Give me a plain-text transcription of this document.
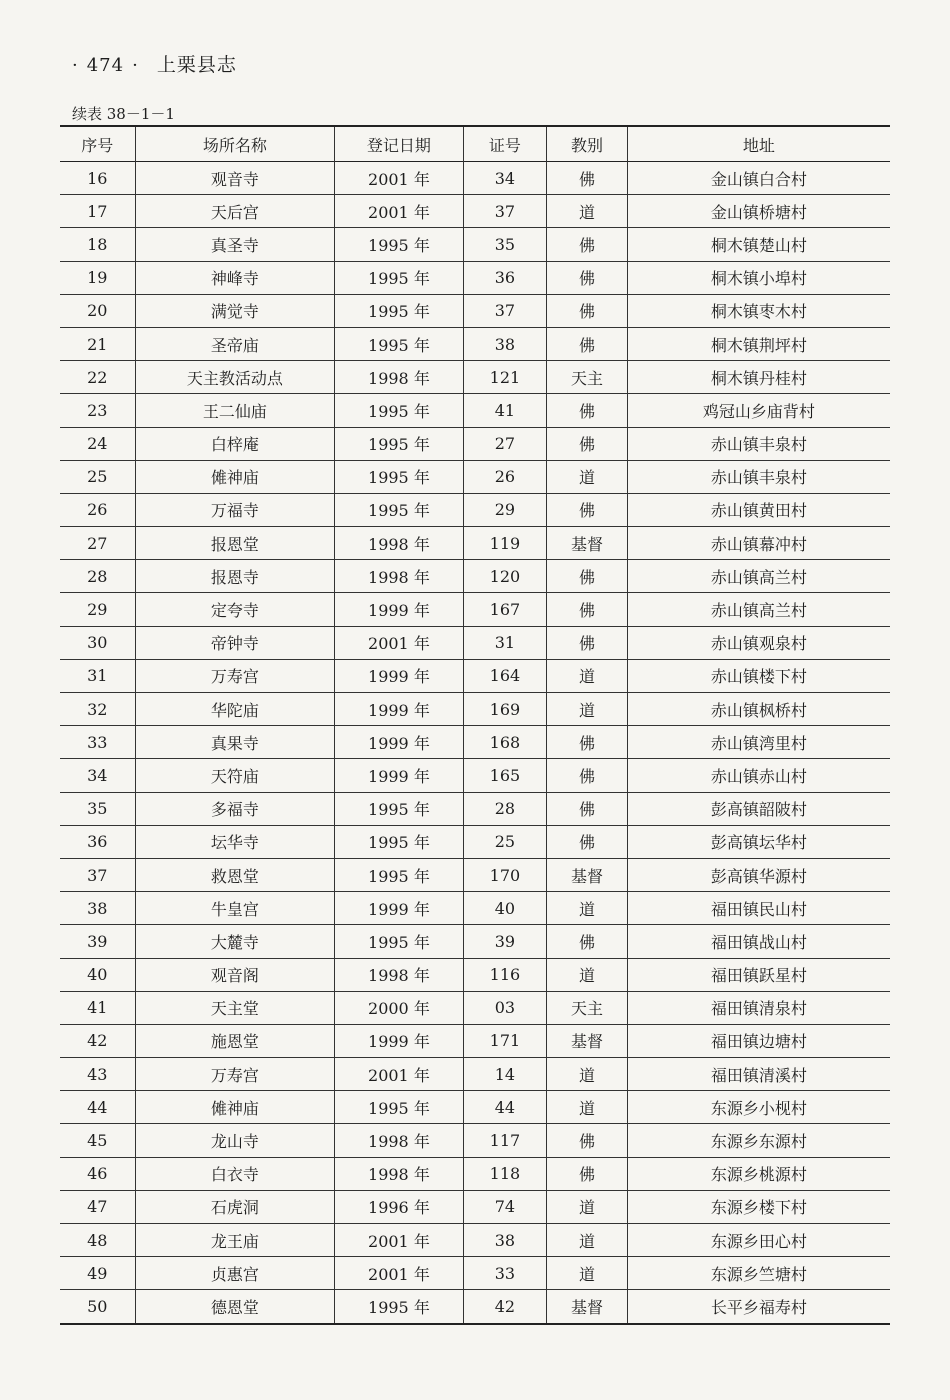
· 474 · 上栗县志
续表 38－1－1
序号	场所名称	登记日期	证号	教别	地址
16	观音寺	2001 年	34	佛	金山镇白合村
17	天后宫	2001 年	37	道	金山镇桥塘村
18	真圣寺	1995 年	35	佛	桐木镇楚山村
19	神峰寺	1995 年	36	佛	桐木镇小埠村
20	满觉寺	1995 年	37	佛	桐木镇枣木村
21	圣帝庙	1995 年	38	佛	桐木镇荆坪村
22	天主教活动点	1998 年	121	天主	桐木镇丹桂村
23	王二仙庙	1995 年	41	佛	鸡冠山乡庙背村
24	白梓庵	1995 年	27	佛	赤山镇丰泉村
25	傩神庙	1995 年	26	道	赤山镇丰泉村
26	万福寺	1995 年	29	佛	赤山镇黄田村
27	报恩堂	1998 年	119	基督	赤山镇幕冲村
28	报恩寺	1998 年	120	佛	赤山镇高兰村
29	定夸寺	1999 年	167	佛	赤山镇高兰村
30	帝钟寺	2001 年	31	佛	赤山镇观泉村
31	万寿宫	1999 年	164	道	赤山镇楼下村
32	华陀庙	1999 年	169	道	赤山镇枫桥村
33	真果寺	1999 年	168	佛	赤山镇湾里村
34	天符庙	1999 年	165	佛	赤山镇赤山村
35	多福寺	1995 年	28	佛	彭高镇韶陂村
36	坛华寺	1995 年	25	佛	彭高镇坛华村
37	救恩堂	1995 年	170	基督	彭高镇华源村
38	牛皇宫	1999 年	40	道	福田镇民山村
39	大麓寺	1995 年	39	佛	福田镇战山村
40	观音阁	1998 年	116	道	福田镇跃星村
41	天主堂	2000 年	03	天主	福田镇清泉村
42	施恩堂	1999 年	171	基督	福田镇边塘村
43	万寿宫	2001 年	14	道	福田镇清溪村
44	傩神庙	1995 年	44	道	东源乡小枧村
45	龙山寺	1998 年	117	佛	东源乡东源村
46	白衣寺	1998 年	118	佛	东源乡桃源村
47	石虎洞	1996 年	74	道	东源乡楼下村
48	龙王庙	2001 年	38	道	东源乡田心村
49	贞惠宫	2001 年	33	道	东源乡竺塘村
50	德恩堂	1995 年	42	基督	长平乡福寿村
